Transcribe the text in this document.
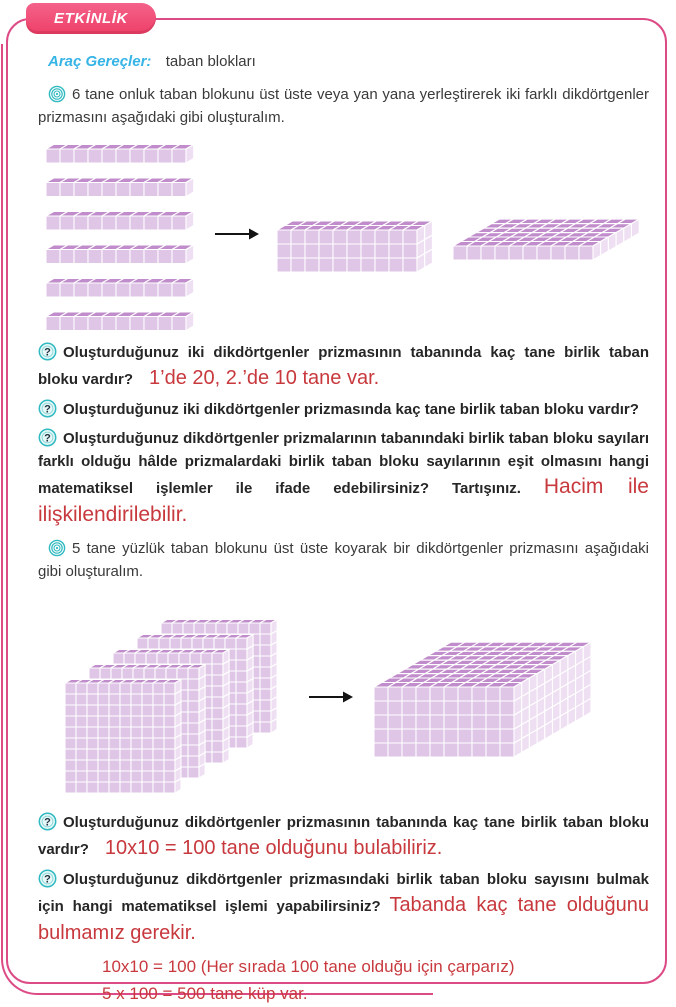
ETKİNLİK
Araç Gereçler: taban blokları

6 tane onluk taban blokunu üst üste veya yan yana yerleştirerek iki farklı dikdörtgenler prizmasını aşağıdaki gibi oluşturalım.

? Oluşturduğunuz iki dikdörtgenler prizmasının tabanında kaç tane birlik taban bloku vardır? 1’de 20, 2.’de 10 tane var.

? Oluşturduğunuz iki dikdörtgenler prizmasında kaç tane birlik taban bloku vardır?

? Oluşturduğunuz dikdörtgenler prizmalarının tabanındaki birlik taban bloku sayıları farklı olduğu hâlde prizmalardaki birlik taban bloku sayılarının eşit olmasını hangi matematiksel işlemler ile ifade edebilirsiniz? Tartışınız. Hacim ile ilişkilendirilebilir.

5 tane yüzlük taban blokunu üst üste koyarak bir dikdörtgenler prizmasını aşağıdaki gibi oluşturalım.

? Oluşturduğunuz dikdörtgenler prizmasının tabanında kaç tane birlik taban bloku vardır? 10x10 = 100 tane olduğunu bulabiliriz.

? Oluşturduğunuz dikdörtgenler prizmasındaki birlik taban bloku sayısını bulmak için hangi matematiksel işlemi yapabilirsiniz? Tabanda kaç tane olduğunu bulmamız gerekir.

10x10 = 100 (Her sırada 100 tane olduğu için çarparız)
5 x 100 = 500 tane küp var.
